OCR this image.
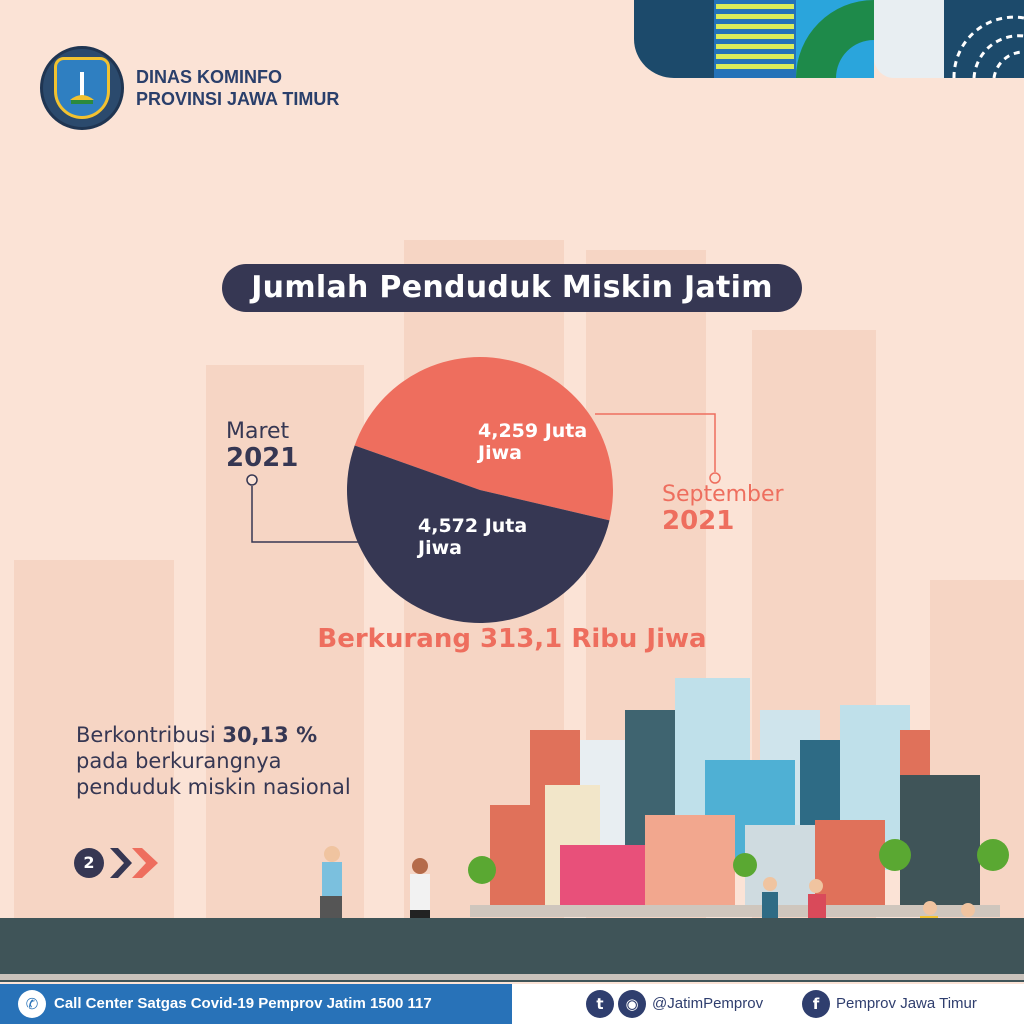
DINAS KOMINFO
PROVINSI JAWA TIMUR
Jumlah Penduduk Miskin Jatim
4,259 Juta
Jiwa
4,572 Juta
Jiwa
Maret
2021
September
2021
Berkurang 313,1 Ribu Jiwa
Berkontribusi 30,13 %
pada berkurangnya
penduduk miskin nasional
2
✆	Call Center Satgas Covid-19 Pemprov Jatim 1500 117	t	◉ @JatimPemprov	f	Pemprov Jawa Timur
